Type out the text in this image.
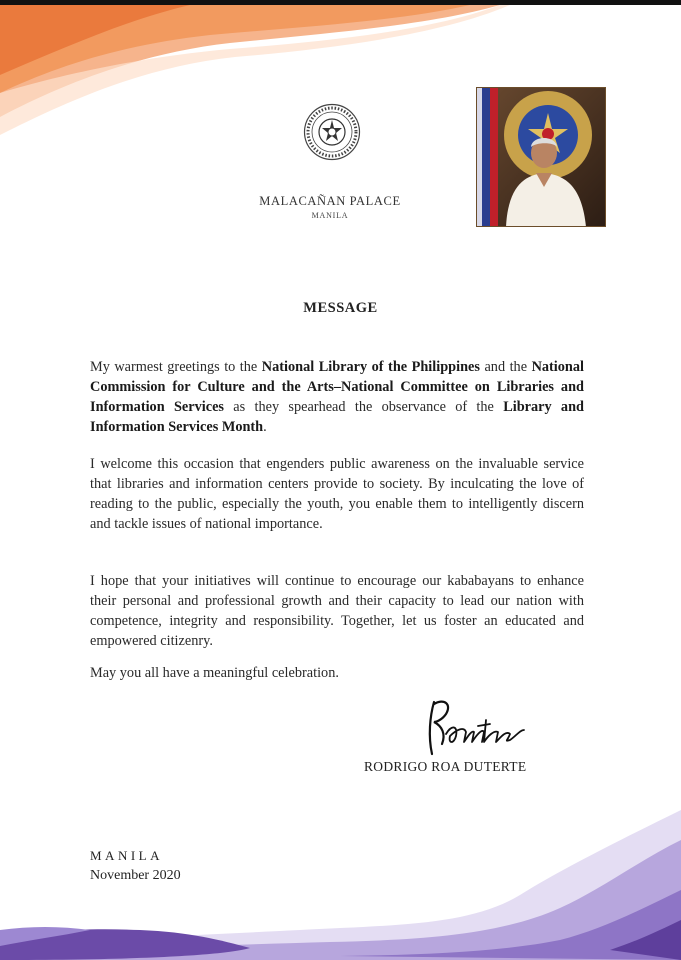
MALACAÑAN PALACE
MANILA
MESSAGE

My warmest greetings to the National Library of the Philippines and the National Commission for Culture and the Arts–National Committee on Libraries and Information Services as they spearhead the observance of the Library and Information Services Month.

I welcome this occasion that engenders public awareness on the invaluable service that libraries and information centers provide to society. By inculcating the love of reading to the public, especially the youth, you enable them to intelligently discern and tackle issues of national importance.

I hope that your initiatives will continue to encourage our kababayans to enhance their personal and professional growth and their capacity to lead our nation with competence, integrity and responsibility. Together, let us foster an educated and empowered citizenry.

May you all have a meaningful celebration.

RODRIGO ROA DUTERTE
MANILA
November 2020
